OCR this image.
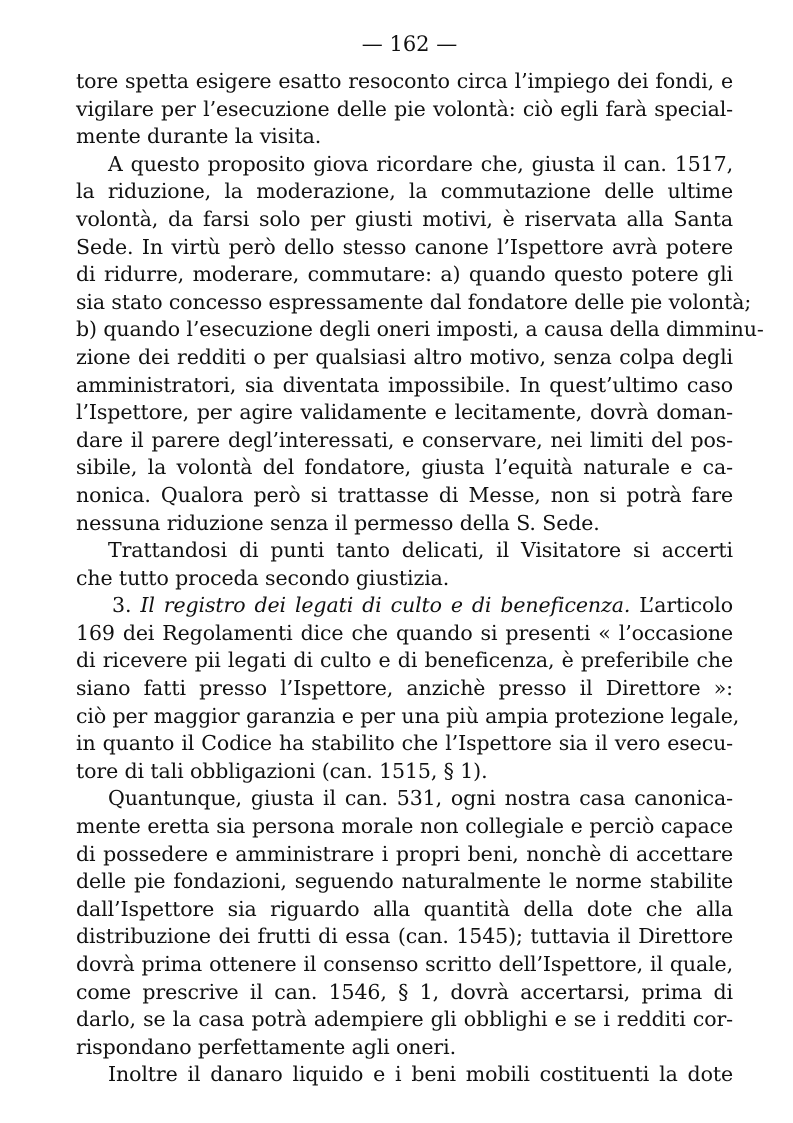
— 162 —
tore spetta esigere esatto resoconto circa l’impiego dei fondi, e
vigilare per l’esecuzione delle pie volontà: ciò egli farà special-
mente durante la visita.
A questo proposito giova ricordare che, giusta il can. 1517,
la riduzione, la moderazione, la commutazione delle ultime
volontà, da farsi solo per giusti motivi, è riservata alla Santa
Sede. In virtù però dello stesso canone l’Ispettore avrà potere
di ridurre, moderare, commutare: a) quando questo potere gli
sia stato concesso espressamente dal fondatore delle pie volontà;
b) quando l’esecuzione degli oneri imposti, a causa della dimminu-
zione dei redditi o per qualsiasi altro motivo, senza colpa degli
amministratori, sia diventata impossibile. In quest’ultimo caso
l’Ispettore, per agire validamente e lecitamente, dovrà doman-
dare il parere degl’interessati, e conservare, nei limiti del pos-
sibile, la volontà del fondatore, giusta l’equità naturale e ca-
nonica. Qualora però si trattasse di Messe, non si potrà fare
nessuna riduzione senza il permesso della S. Sede.
Trattandosi di punti tanto delicati, il Visitatore si accerti
che tutto proceda secondo giustizia.
3. Il registro dei legati di culto e di beneficenza. L’articolo
169 dei Regolamenti dice che quando si presenti « l’occasione
di ricevere pii legati di culto e di beneficenza, è preferibile che
siano fatti presso l’Ispettore, anzichè presso il Direttore »:
ciò per maggior garanzia e per una più ampia protezione legale,
in quanto il Codice ha stabilito che l’Ispettore sia il vero esecu-
tore di tali obbligazioni (can. 1515, § 1).
Quantunque, giusta il can. 531, ogni nostra casa canonica-
mente eretta sia persona morale non collegiale e perciò capace
di possedere e amministrare i propri beni, nonchè di accettare
delle pie fondazioni, seguendo naturalmente le norme stabilite
dall’Ispettore sia riguardo alla quantità della dote che alla
distribuzione dei frutti di essa (can. 1545); tuttavia il Direttore
dovrà prima ottenere il consenso scritto dell’Ispettore, il quale,
come prescrive il can. 1546, § 1, dovrà accertarsi, prima di
darlo, se la casa potrà adempiere gli obblighi e se i redditi cor-
rispondano perfettamente agli oneri.
Inoltre il danaro liquido e i beni mobili costituenti la dote
